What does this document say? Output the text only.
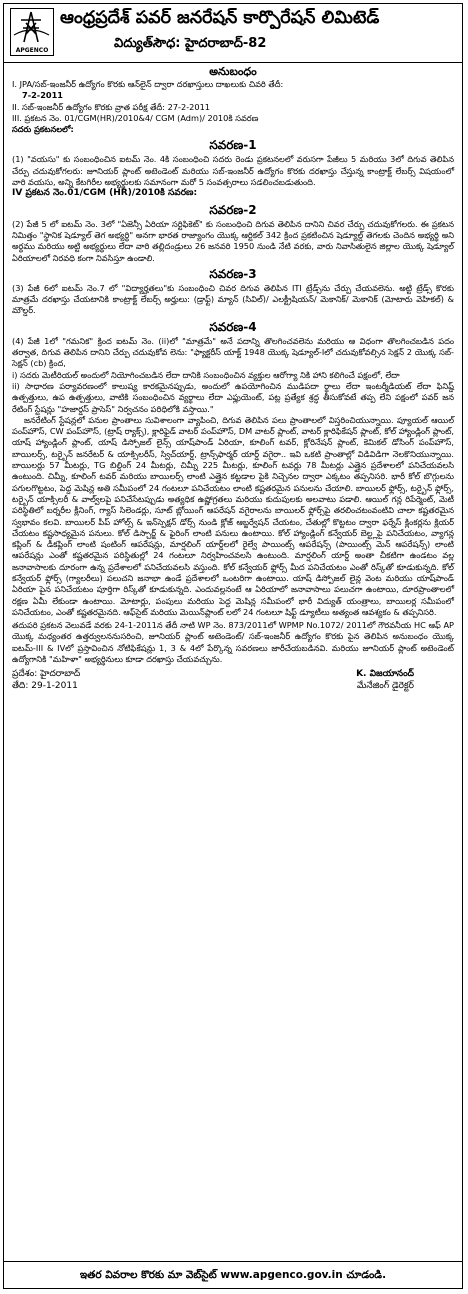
APGENCO
ఆంధ్రప్రదేశ్ పవర్ జనరేషన్ కార్పొరేషన్ లిమిటెడ్
విద్యుత్‌సౌధ: హైదరాబాద్-82
అనుబంధం

I. JPA/సబ్-ఇంజనీర్ ఉద్యోగం కొరకు ఆన్‌లైన్ ద్వారా దరఖాస్తులు దాఖలుకు చివరి తేదీ:

7-2-2011

II. సబ్-ఇంజనీర్ ఉద్యోగం కొరకు వ్రాత పరీక్ష తేదీ: 27-2-2011

III. ప్రకటన నెం. 01/CGM(HR)/2010&4/ CGM (Adm)/ 2010కి సవరణ

సదరు ప్రకటనలలో:

సవరణ-1

(1) "వయసు" కు సంబంధించిన ఐటమ్ నెం. 4కి సంబంధించి సదరు రెండు ప్రకటనలలో వరుసగా పేజీలు 5 మరియు 3లో దిగువ తెలిపిన చేర్పు చదువుకోగలరు: జూనియర్ ప్లాంట్ అటెండెంట్ మరియు సబ్-ఇంజనీర్ ఉద్యోగం కొరకు దరఖాస్తు చేస్తున్న కాంట్రాక్ట్ లేబర్స్ విషయంలో వారి వయసు, అన్ని కేటగిరీల అభ్యర్థులకు సమానంగా మరో 5 సంవత్సరాలు సడలించబడుతుంది.

IV ప్రకటన నెం.01/CGM (HR)/2010కి సవరణ:

సవరణ-2

(2) పేజీ 5 లో ఐటమ్ నెం. 3లో "ఏజెన్సీ ఏరియా సర్టిఫికెట్" కు సంబంధించి దిగువ తెలిపిన దానిని చివర చేర్పు చదువుకోగలరు. ఈ ప్రకటన నిమిత్తం "స్థానిక షెడ్యూల్ తెగ అభ్యర్థి" అనగా భారత రాజ్యాంగం యొక్క ఆర్టికల్ 342 క్రింద ప్రకటించిన షెడ్యూల్డ్ తెగలకు చెందిన అభ్యర్థి అని అర్థము మరియు అట్టి అభ్యర్థులు లేదా వారి తల్లిదండ్రులు 26 జనవరి 1950 నుండి నేటి వరకు, వారు నివాసితులైన జిల్లాల యొక్క షెడ్యూల్ ఏరియాలలో నిరవధి కంగా నివసిస్తూ ఉండాలి.

సవరణ-3

(3) పేజీ 6లో ఐటమ్ నెం.7 లో "విద్యార్హతలు"కు సంబంధించి చివర దిగువ తెలిపిన ITI ట్రేడ్స్‌ను చేర్పు చేయవలెను. అట్టి ట్రేడ్స్ కొరకు మాత్రమే దరఖాస్తు చేయటానికి కాంట్రాక్ట్ లేబర్స్ అర్హులు: (డ్రాఫ్ట్) మ్యాన్ (సివిల్)/ ఎలక్ట్రీషియన్/ మెకానిక్/ మెకానిక్ (మోటారు వెహికల్) & మౌల్డర్.

సవరణ-4

(4) పేజీ 1లో "గమనిక" క్రింద ఐటమ్ నెం. (ii)లో "మాత్రమే" అనే పదాన్ని తొలగించవలెను మరియు ఆ విధంగా తొలగించబడిన పదం తర్వాత, దిగువ తెలిపిన దానిని చేర్పు చదువుకోవ లెను: "ఫ్యాక్టరీస్ యాక్ట్ 1948 యొక్క షెడ్యూల్-Iలో చదువుకోవల్సిన సెక్షన్ 2 యొక్క సబ్-సెక్షన్ (cb) క్రింద,

i) సదరు మెటీరియల్ అందులో నియోగించబడిన లేదా దానికి సంబంధించిన వ్యక్తుల ఆరోగ్యా నికి హాని కలిగించే పక్షంలో, లేదా

ii) సాధారణ పర్యావరణంలో కాలుష్య కారకమైనప్పుడు, అందులో ఉపయోగించిన ముడిపదా ర్థాలు లేదా ఇంటర్మీడియట్ లేదా ఫినిష్డ్ ఉత్పత్తులు, ఉప ఉత్పత్తులు, వాటికి సంబంధించిన వ్యర్థాలు లేదా ఎఫ్లుయెంట్, పట్ల ప్రత్యేక శ్రద్ధ తీసుకోవటే తప్ప లేని పక్షంలో పవర్ జన రేటింగ్ స్టేషన్లు "హజార్డస్ ప్రాసెస్" నిర్వచనం పరిధిలోకి వస్తాయి."

జనరేటింగ్ స్టేషన్లలో పనుల ప్రాంతాలు సువిశాలంగా వ్యాపించి, దిగువ తెలిపిన పలు ప్రాంతాలలో విస్తరించియున్నాయి. ప్యూయల్ ఆయిల్ పంప్‌హౌస్, CW పంప్‌హౌస్, (ట్రాష్ ర్యాక్స్), క్లారిఫైడ్ వాటర్ పంప్‌హౌస్, DM వాటర్ ప్లాంట్, వాటర్ క్లారిఫికేషన్ ప్లాంట్, కోల్ హ్యాండ్లింగ్ ప్లాంట్, యాష్ హ్యాండ్లింగ్ ప్లాంట్, యాష్ డిస్పోజల్ లైన్స్ యాష్‌పాండ్ ఏరియా, కూలింగ్ టవర్, క్లోరినేషన్ ప్లాంట్, కెమికల్ డోసింగ్ పంప్‌హౌస్, బాయిలర్స్, టర్బైన్ జనరేటర్ & యాక్సిలరీస్, స్విచ్‌యార్డ్, ట్రాన్స్‌ఫార్మర్ యార్డ్ వగైరా.. ఇవి ఒకటి ప్రాంతాల్లో విడివిడిగా నెలకొనియున్నాయి. బాయిలర్లు 57 మీటర్లు, TG బిల్డింగ్ 24 మీటర్లు, చిమ్నీ 225 మీటర్లు, కూలింగ్ టవర్లు 78 మీటర్లు ఎత్తైన ప్రదేశాలలో పనిచేయవలసి ఉంటుంది. చిమ్నీ, కూలింగ్ టవర్ మరియు బాయిలర్స్ లాంటి ఎత్తైన కట్టడాల పైకి నిచ్చెనల ద్వారా ఎక్కటం తప్పనిసరి. భారీ కోల్ బొగ్గులను పగులగొట్టటం, పెద్ద మెషిన్ల అతి సమీపంలో 24 గంటలూ పనిచేయటం లాంటి కష్టతరమైన పనులను చేయాలి. బాయిలర్ ఫ్లోర్స్, టర్బైన్ ఫ్లోర్స్, టర్బైన్ యాక్సిలరీ & వాల్వ్‌లపై పనిచేసేటప్పుడు అత్యధిక ఉష్ణోగ్రతలు మరియు కుదుపులకు అలవాటు పడాలి. ఆయిల్ గన్ల రిపేర్మెంట్, మెటీ పరిస్థితిలో బర్నరీల క్లీనింగ్, గ్యాస్ సిలెండర్లు, సూట్ బ్లోయింగ్ ఆపరేషన్ వగైరాలను బాయిలర్ ఫ్లోర్స్‌పై తరలించటంవంటివి చాలా కష్టతరమైన స్వభావం కలవి. బాయిలర్ పీప్ హోల్స్ & ఇన్‌స్పెక్షన్ డోర్స్ నుండి క్లోజ్ ఆబ్జర్వేషన్ చేయటం, చేతుల్లో కొట్టటం ద్వారా ఫర్నేస్ క్లింకర్లను క్లియర్ చేయటం కష్టసాధ్యమైన పనులు. కోల్ డిస్చార్జ్ & ఫైరింగ్ లాంటి పనులు ఉంటాయి. కోల్ హ్యాండ్లింగ్ కన్వేయర్ బెల్ట్లపై పనిచేయటం, వ్యాగన్ల కప్లింగ్ & డీకప్లింగ్ లాంటి షంటింగ్ ఆపరేషన్లు, మార్షలింగ్ యార్డ్‌లలో రైల్వే పాయింట్స్ ఆపరేషన్స్ (పాయింట్స్ మెన్ ఆపరేషన్స్) లాంటి ఆపరేషన్లు ఎంతో కష్టతరమైన పరిస్థితుల్లో 24 గంటలూ నిర్వహించవలసి ఉంటుంది. మార్షలింగ్ యార్డ్ అంతా చీకటిగా ఉండటం వల్ల జనావాసాలకు దూరంగా ఉన్న ప్రదేశాలలో పనిచేయవలసి వస్తుంది. కోల్ కన్వేయర్ ఫ్లోర్స్ మీద పనిచేయటం ఎంతో రిస్క్‌తో కూడుకున్నది. కోల్ కన్వేయర్ ఫ్లోర్స్ (గ్యాలరీలు) పలుచని జనాభా ఉండే ప్రదేశాలలో ఒంటరిగా ఉంటాయి. యాష్ డిస్పోజల్ లైన్ల వెంట మరియు యాష్‌పాండ్ ఏరియా పైన పనిచేయటం పూర్తిగా రిస్క్‌తో కూడుకున్నది. ఎందువల్లనంటే ఆ ఏరియాలో జనావాసాలు పలుచగా ఉంటాయి, దూరప్రాంతాలలో రక్షణ ఏమీ లేకుండా ఉంటాయి. మోటార్లు, పంపులు మరియు పెద్ద మెషిన్ల సమీపంలో భారీ విద్యుత్ యంత్రాలు, బాయిలర్ల సమీపంలో పనిచేయటం, ఎంతో కష్టతరమైనది. ఆఫ్‌సైట్ మరియు మెయిన్‌ప్లాంట్ లలో 24 గంటలూ షిఫ్ట్ డ్యూటీలు అత్యంత ఆవశ్యకం & తప్పనిసరి.

తదుపరి ప్రకటన వెలువడే వరకు 24-1-2011న తేదీ నాటి WP నెం. 873/2011లో WPMP No.1072/ 2011లో గౌరవనీయ HC ఆఫ్ AP యొక్క మధ్యంతర ఉత్తర్వులననుసరించి, జూనియర్ ప్లాంట్ అటెండెంట్/ సబ్-ఇంజనీర్ ఉద్యోగం కొరకు పైన తెలిపిన అనుబంధం యొక్క ఐటమ్-III & IVలో ప్రస్తావించిన నోటిఫికేషన్లు 1, 3 & 4లో పేర్కొన్న సవరణలు జారీచేయబడినవి. మరియు జూనియర్ ప్లాంట్ అటెండెంట్ ఉద్యోగానికి "మహిళా" అభ్యర్థినులు కూడా దరఖాస్తు చేయవచ్చును.

ప్రదేశం: హైదరాబాద్	K. విజయానంద్
తేది: 29-1-2011	మేనేజింగ్ డైరెక్టర్
ఇతర వివరాల కొరకు మా వెబ్‌సైట్ www.apgenco.gov.in చూడండి.
